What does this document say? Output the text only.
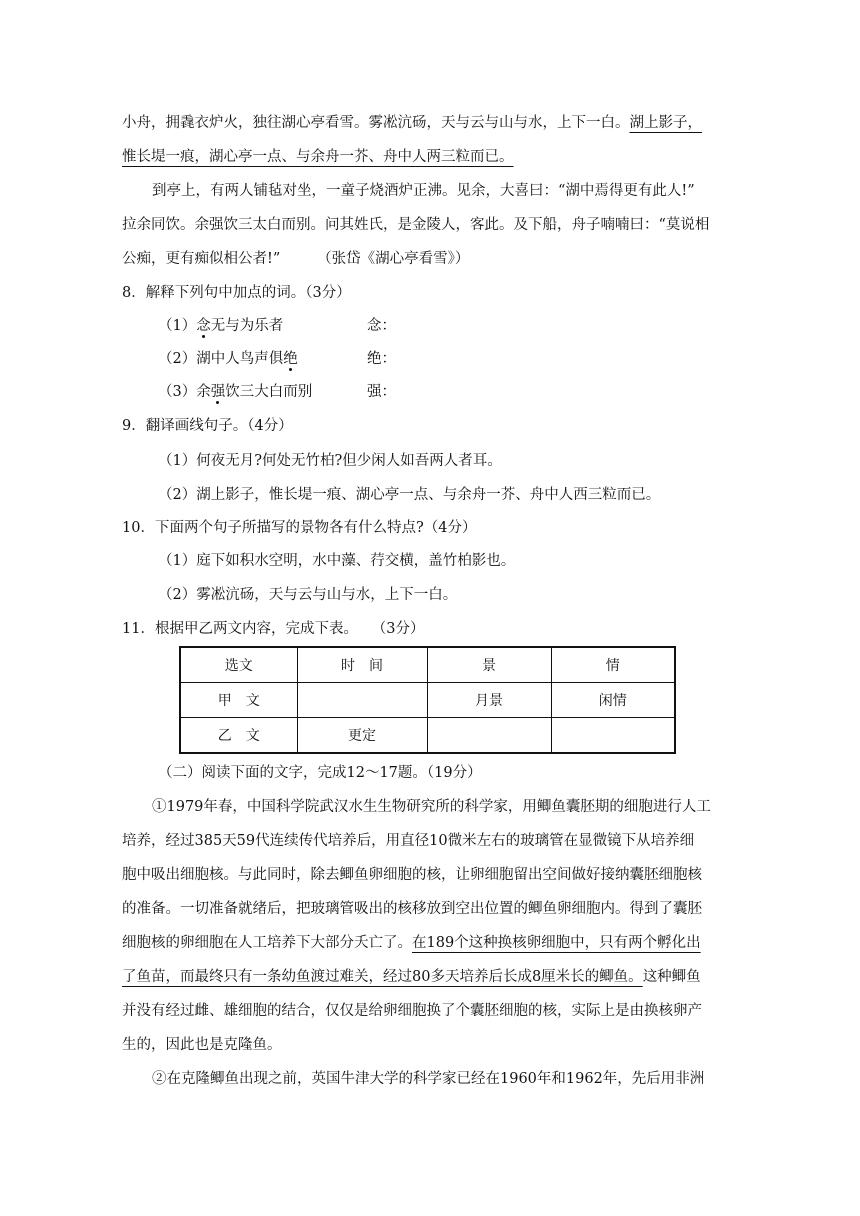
小舟，拥毳衣炉火，独往湖心亭看雪。雾凇沆砀，天与云与山与水，上下一白。湖上影子，
惟长堤一痕，湖心亭一点、与余舟一芥、舟中人两三粒而已。
到亭上，有两人铺毡对坐，一童子烧酒炉正沸。见余，大喜曰：“湖中焉得更有此人!”
拉余同饮。余强饮三太白而别。问其姓氏，是金陵人，客此。及下船，舟子喃喃曰：“莫说相
公痴，更有痴似相公者!”        （张岱《湖心亭看雪》）
8．解释下列句中加点的词。（3分）
（1）念无与为乐者	念：
（2）湖中人鸟声俱绝	绝：
（3）余强饮三大白而别	强：
9．翻译画线句子。（4分）
（1）何夜无月?何处无竹柏?但少闲人如吾两人者耳。
（2）湖上影子，惟长堤一痕、湖心亭一点、与余舟一芥、舟中人西三粒而已。
10．下面两个句子所描写的景物各有什么特点?（4分）
（1）庭下如积水空明，水中藻、荇交横，盖竹柏影也。
（2）雾凇沆砀，天与云与山与水，上下一白。
11．根据甲乙两文内容，完成下表。   （3分）
选文	时　间	景	情
甲　文		月景	闲情
乙　文	更定		
（二）阅读下面的文字，完成12～17题。（19分）
①1979年春，中国科学院武汉水生生物研究所的科学家，用鲫鱼囊胚期的细胞进行人工
培养，经过385天59代连续传代培养后，用直径10微米左右的玻璃管在显微镜下从培养细
胞中吸出细胞核。与此同时，除去鲫鱼卵细胞的核，让卵细胞留出空间做好接纳囊胚细胞核
的准备。一切准备就绪后，把玻璃管吸出的核移放到空出位置的鲫鱼卵细胞内。得到了囊胚
细胞核的卵细胞在人工培养下大部分夭亡了。在189个这种换核卵细胞中，只有两个孵化出
了鱼苗，而最终只有一条幼鱼渡过难关，经过80多天培养后长成8厘米长的鲫鱼。这种鲫鱼
并没有经过雌、雄细胞的结合，仅仅是给卵细胞换了个囊胚细胞的核，实际上是由换核卵产
生的，因此也是克隆鱼。
②在克隆鲫鱼出现之前，英国牛津大学的科学家已经在1960年和1962年，先后用非洲
